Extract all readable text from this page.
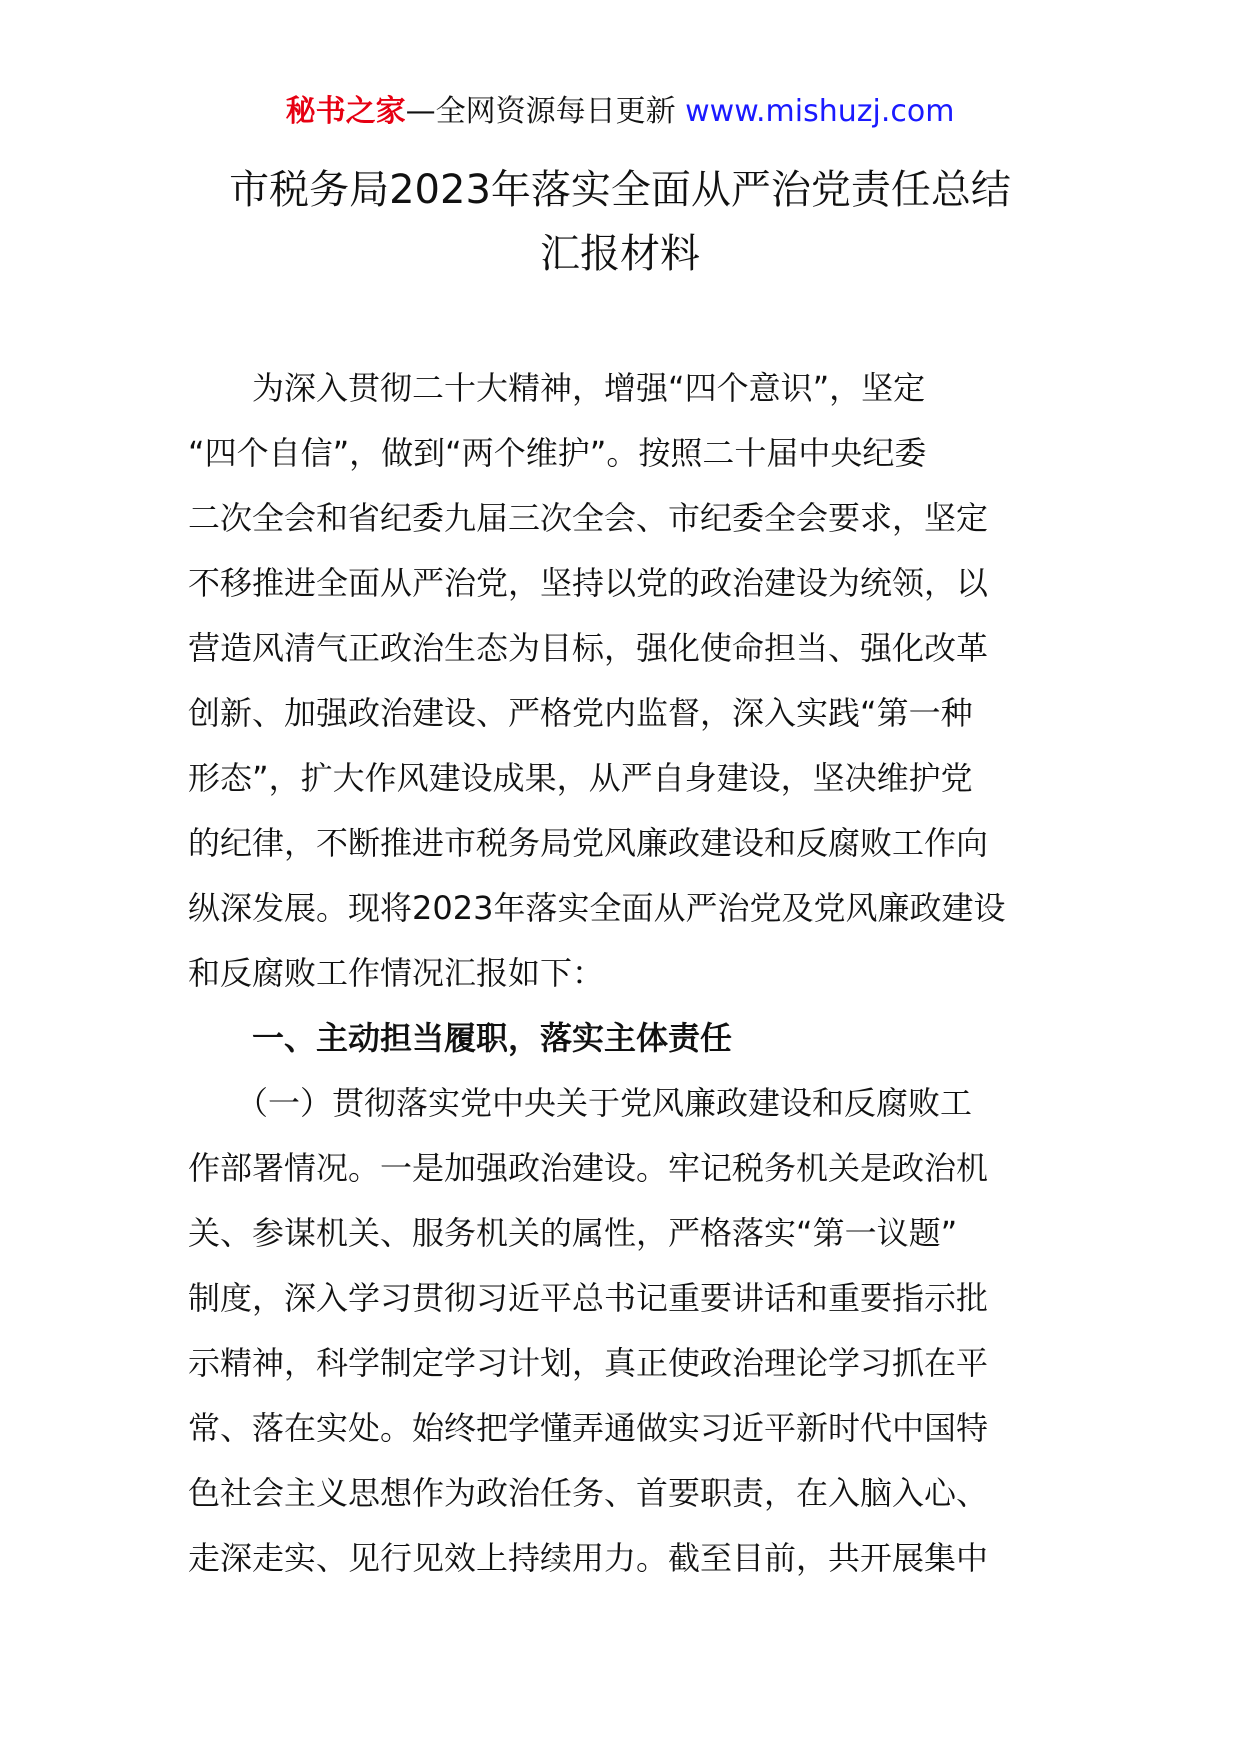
秘书之家—全网资源每日更新 www.mishuzj.com
市税务局2023年落实全面从严治党责任总结
汇报材料
　　为深入贯彻二十大精神，增强“四个意识”，坚定
“四个自信”，做到“两个维护”。按照二十届中央纪委
二次全会和省纪委九届三次全会、市纪委全会要求，坚定
不移推进全面从严治党，坚持以党的政治建设为统领，以
营造风清气正政治生态为目标，强化使命担当、强化改革
创新、加强政治建设、严格党内监督，深入实践“第一种
形态”，扩大作风建设成果，从严自身建设，坚决维护党
的纪律，不断推进市税务局党风廉政建设和反腐败工作向
纵深发展。现将2023年落实全面从严治党及党风廉政建设
和反腐败工作情况汇报如下：
　　一、主动担当履职，落实主体责任
　　（一）贯彻落实党中央关于党风廉政建设和反腐败工
作部署情况。一是加强政治建设。牢记税务机关是政治机
关、参谋机关、服务机关的属性，严格落实“第一议题”
制度，深入学习贯彻习近平总书记重要讲话和重要指示批
示精神，科学制定学习计划，真正使政治理论学习抓在平
常、落在实处。始终把学懂弄通做实习近平新时代中国特
色社会主义思想作为政治任务、首要职责，在入脑入心、
走深走实、见行见效上持续用力。截至目前，共开展集中
